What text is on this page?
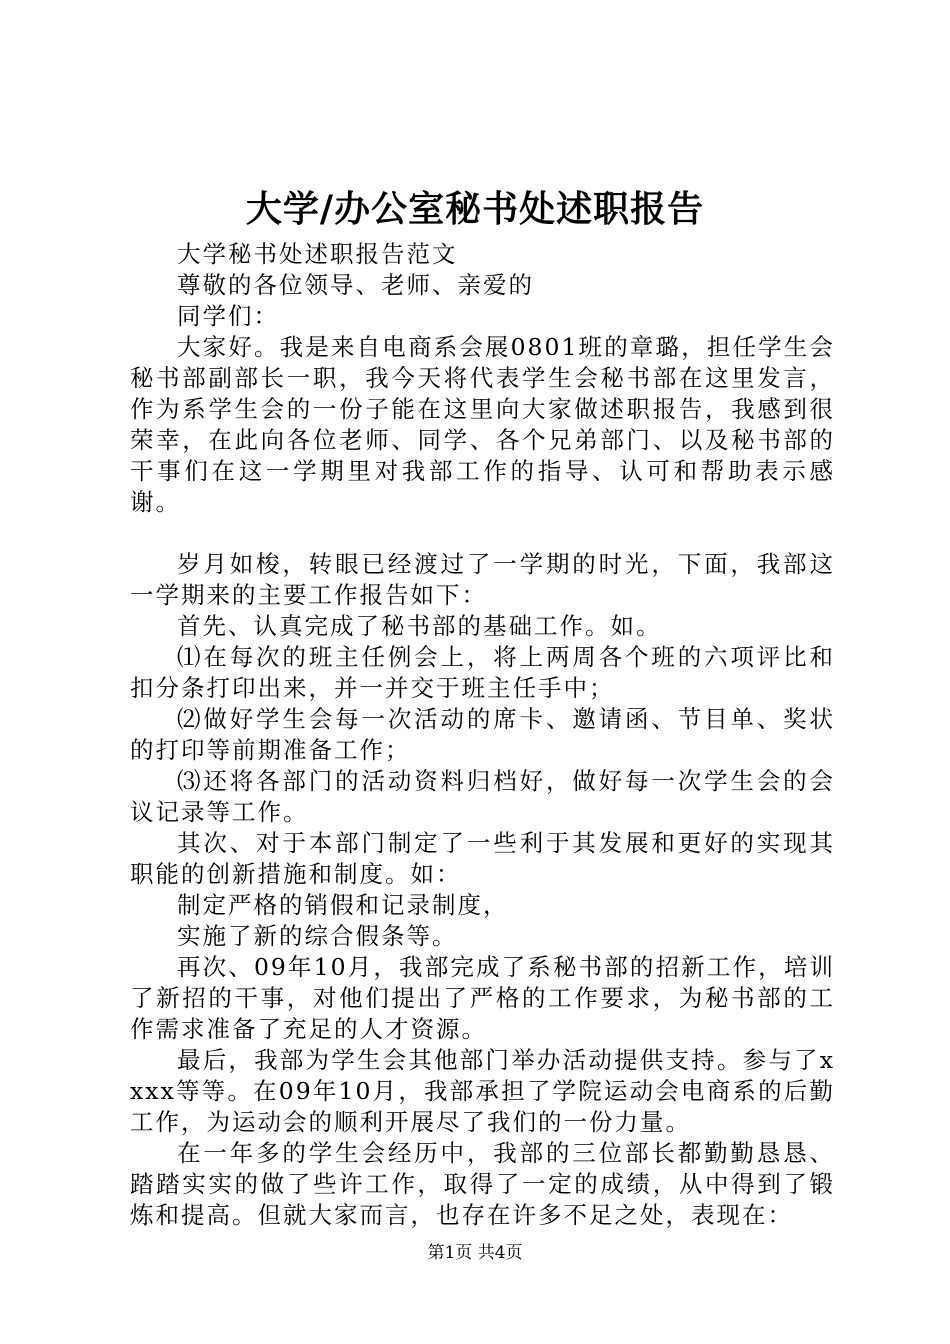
大学/办公室秘书处述职报告

大学秘书处述职报告范文

尊敬的各位领导、老师、亲爱的

同学们：

大家好。我是来自电商系会展0801班的章璐，担任学生会秘书部副部长一职，我今天将代表学生会秘书部在这里发言，作为系学生会的一份子能在这里向大家做述职报告，我感到很荣幸，在此向各位老师、同学、各个兄弟部门、以及秘书部的干事们在这一学期里对我部工作的指导、认可和帮助表示感谢。

岁月如梭，转眼已经渡过了一学期的时光，下面，我部这一学期来的主要工作报告如下：

首先、认真完成了秘书部的基础工作。如。

⑴在每次的班主任例会上，将上两周各个班的六项评比和扣分条打印出来，并一并交于班主任手中；

⑵做好学生会每一次活动的席卡、邀请函、节目单、奖状的打印等前期准备工作；

⑶还将各部门的活动资料归档好，做好每一次学生会的会议记录等工作。

其次、对于本部门制定了一些利于其发展和更好的实现其职能的创新措施和制度。如：

制定严格的销假和记录制度，

实施了新的综合假条等。

再次、09年10月，我部完成了系秘书部的招新工作，培训了新招的干事，对他们提出了严格的工作要求，为秘书部的工作需求准备了充足的人才资源。

最后，我部为学生会其他部门举办活动提供支持。参与了xxxx等等。在09年10月，我部承担了学院运动会电商系的后勤工作，为运动会的顺利开展尽了我们的一份力量。

在一年多的学生会经历中，我部的三位部长都勤勤恳恳、踏踏实实的做了些许工作，取得了一定的成绩，从中得到了锻炼和提高。但就大家而言，也存在许多不足之处，表现在：

第1页 共4页
